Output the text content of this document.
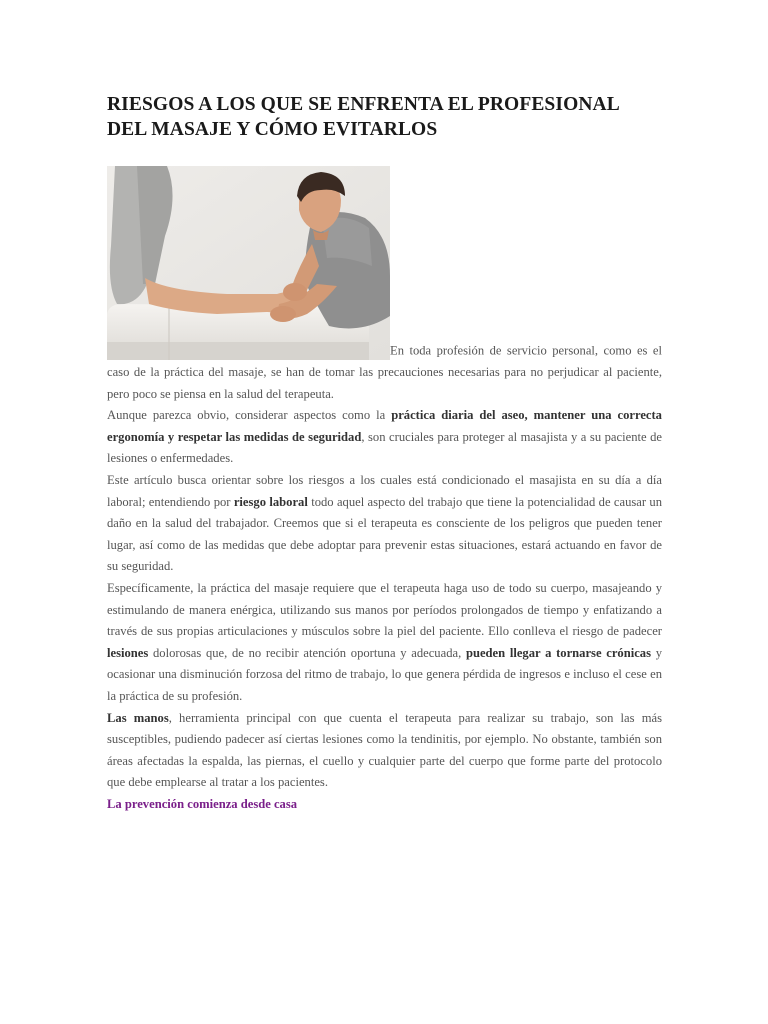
RIESGOS A LOS QUE SE ENFRENTA EL PROFESIONAL DEL MASAJE Y CÓMO EVITARLOS
En toda profesión de servicio personal, como es el caso de la práctica del masaje, se han de tomar las precauciones necesarias para no perjudicar al paciente, pero poco se piensa en la salud del terapeuta.

Aunque parezca obvio, considerar aspectos como la práctica diaria del aseo, mantener una correcta ergonomía y respetar las medidas de seguridad, son cruciales para proteger al masajista y a su paciente de lesiones o enfermedades.

Este artículo busca orientar sobre los riesgos a los cuales está condicionado el masajista en su día a día laboral; entendiendo por riesgo laboral todo aquel aspecto del trabajo que tiene la potencialidad de causar un daño en la salud del trabajador. Creemos que si el terapeuta es consciente de los peligros que pueden tener lugar, así como de las medidas que debe adoptar para prevenir estas situaciones, estará actuando en favor de su seguridad.

Específicamente, la práctica del masaje requiere que el terapeuta haga uso de todo su cuerpo, masajeando y estimulando de manera enérgica, utilizando sus manos por períodos prolongados de tiempo y enfatizando a través de sus propias articulaciones y músculos sobre la piel del paciente. Ello conlleva el riesgo de padecer lesiones dolorosas que, de no recibir atención oportuna y adecuada, pueden llegar a tornarse crónicas y ocasionar una disminución forzosa del ritmo de trabajo, lo que genera pérdida de ingresos e incluso el cese en la práctica de su profesión.

Las manos, herramienta principal con que cuenta el terapeuta para realizar su trabajo, son las más susceptibles, pudiendo padecer así ciertas lesiones como la tendinitis, por ejemplo. No obstante, también son áreas afectadas la espalda, las piernas, el cuello y cualquier parte del cuerpo que forme parte del protocolo que debe emplearse al tratar a los pacientes.

La prevención comienza desde casa
